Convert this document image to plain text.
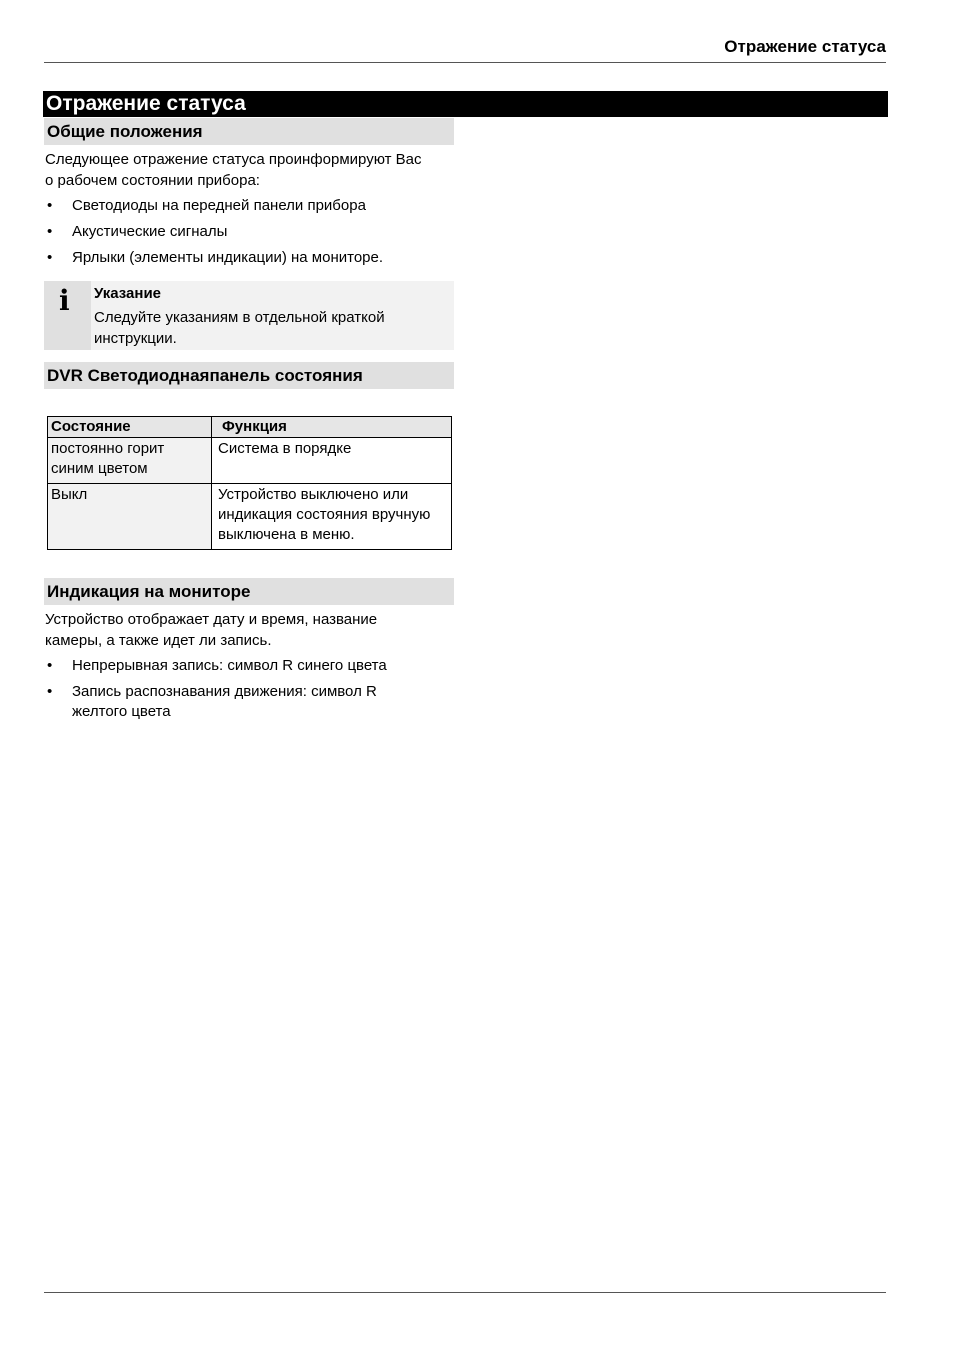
Отражение статуса
Отражение статуса
Общие положения

Следующее отражение статуса проинформируют Вас
о рабочем состоянии прибора:

• Светодиоды на передней панели прибора
• Акустические сигналы
• Ярлыки (элементы индикации) на мониторе.
i Указание
Следуйте указаниям в отдельной краткой
инструкции.
DVR Светодиоднаяпанель состояния
Состояние	Функция
постоянно горит
синим цветом	Система в порядке
Выкл	Устройство выключено или
индикация состояния вручную
выключена в меню.
Индикация на мониторе

Устройство отображает дату и время, название
камеры, а также идет ли запись.

• Непрерывная запись: символ R синего цвета
• Запись распознавания движения: символ R
желтого цвета
